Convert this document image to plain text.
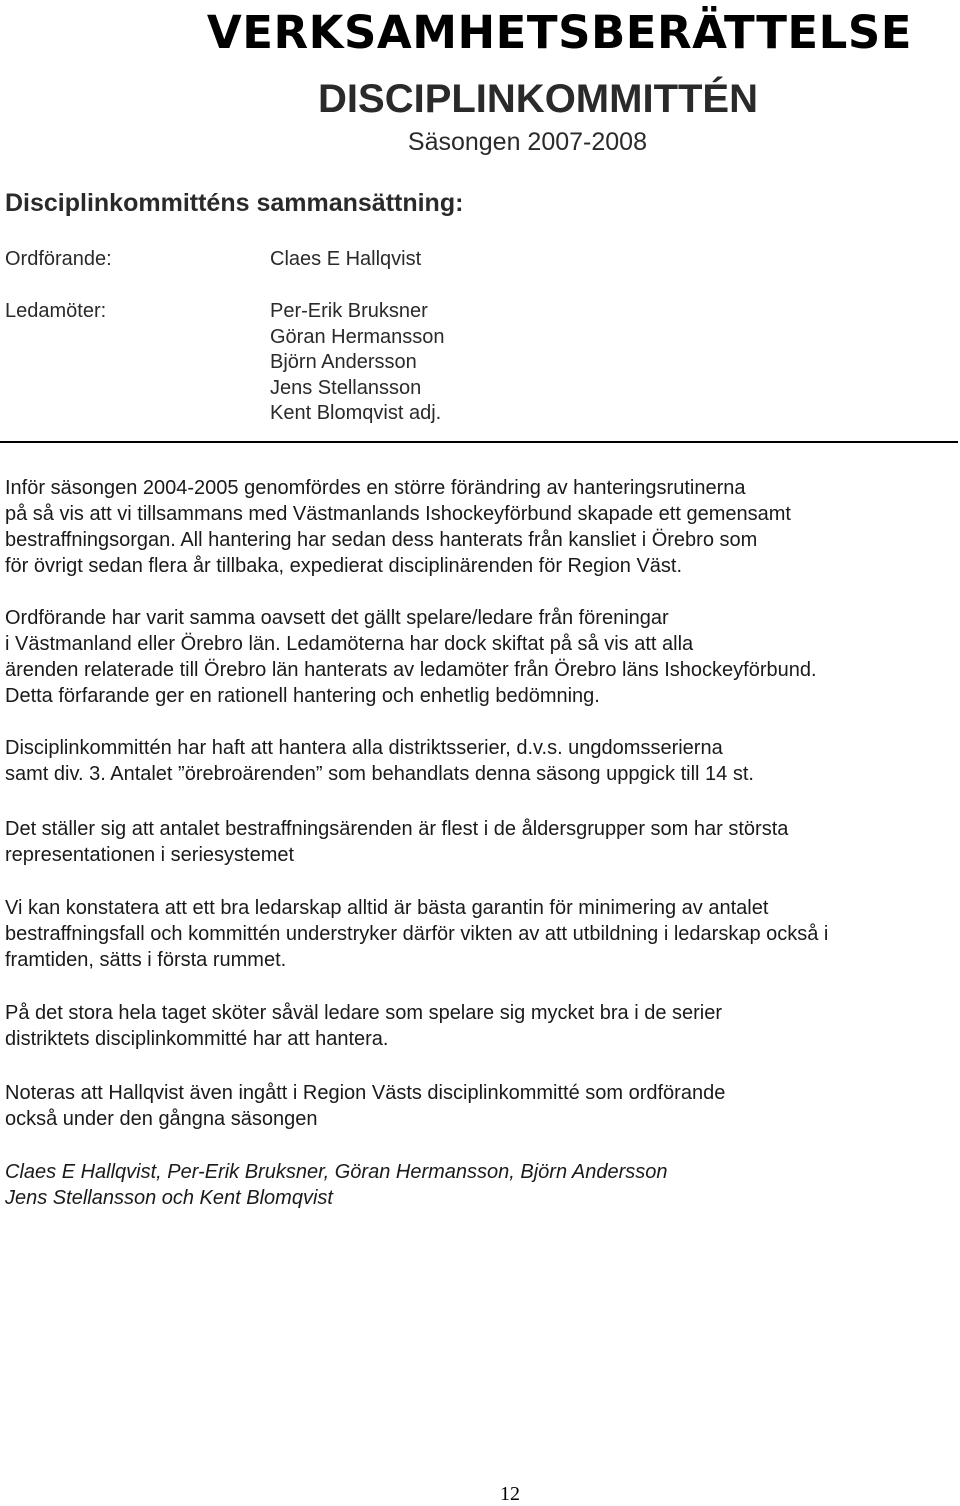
VERKSAMHETSBERÄTTELSE
DISCIPLINKOMMITTÉN
Säsongen 2007-2008
Disciplinkommitténs sammansättning:
Ordförande:	Claes E Hallqvist
Ledamöter:	Per-Erik Bruksner
Göran Hermansson
Björn Andersson
Jens Stellansson
Kent Blomqvist adj.
Inför säsongen 2004-2005 genomfördes en större förändring av hanteringsrutinerna
på så vis att vi tillsammans med Västmanlands Ishockeyförbund skapade ett gemensamt
bestraffningsorgan. All hantering har sedan dess hanterats från kansliet i Örebro som
för övrigt sedan flera år tillbaka, expedierat disciplinärenden för Region Väst.
Ordförande har varit samma oavsett det gällt spelare/ledare från föreningar
i Västmanland eller Örebro län. Ledamöterna har dock skiftat på så vis att alla
ärenden relaterade till Örebro län hanterats av ledamöter från Örebro läns Ishockeyförbund.
Detta förfarande ger en rationell hantering och enhetlig bedömning.
Disciplinkommittén har haft att hantera alla distriktsserier, d.v.s. ungdomsserierna
samt div. 3. Antalet ”örebroärenden” som behandlats denna säsong uppgick till 14 st.
Det ställer sig att antalet bestraffningsärenden är flest i de åldersgrupper som har största
representationen i seriesystemet
Vi kan konstatera att ett bra ledarskap alltid är bästa garantin för minimering av antalet
bestraffningsfall och kommittén understryker därför vikten av att utbildning i ledarskap också i
framtiden, sätts i första rummet.
På det stora hela taget sköter såväl ledare som spelare sig mycket bra i de serier
distriktets disciplinkommitté har att hantera.
Noteras att Hallqvist även ingått i Region Västs disciplinkommitté som ordförande
också under den gångna säsongen
Claes E Hallqvist, Per-Erik Bruksner, Göran Hermansson, Björn Andersson
Jens Stellansson och Kent Blomqvist
12
